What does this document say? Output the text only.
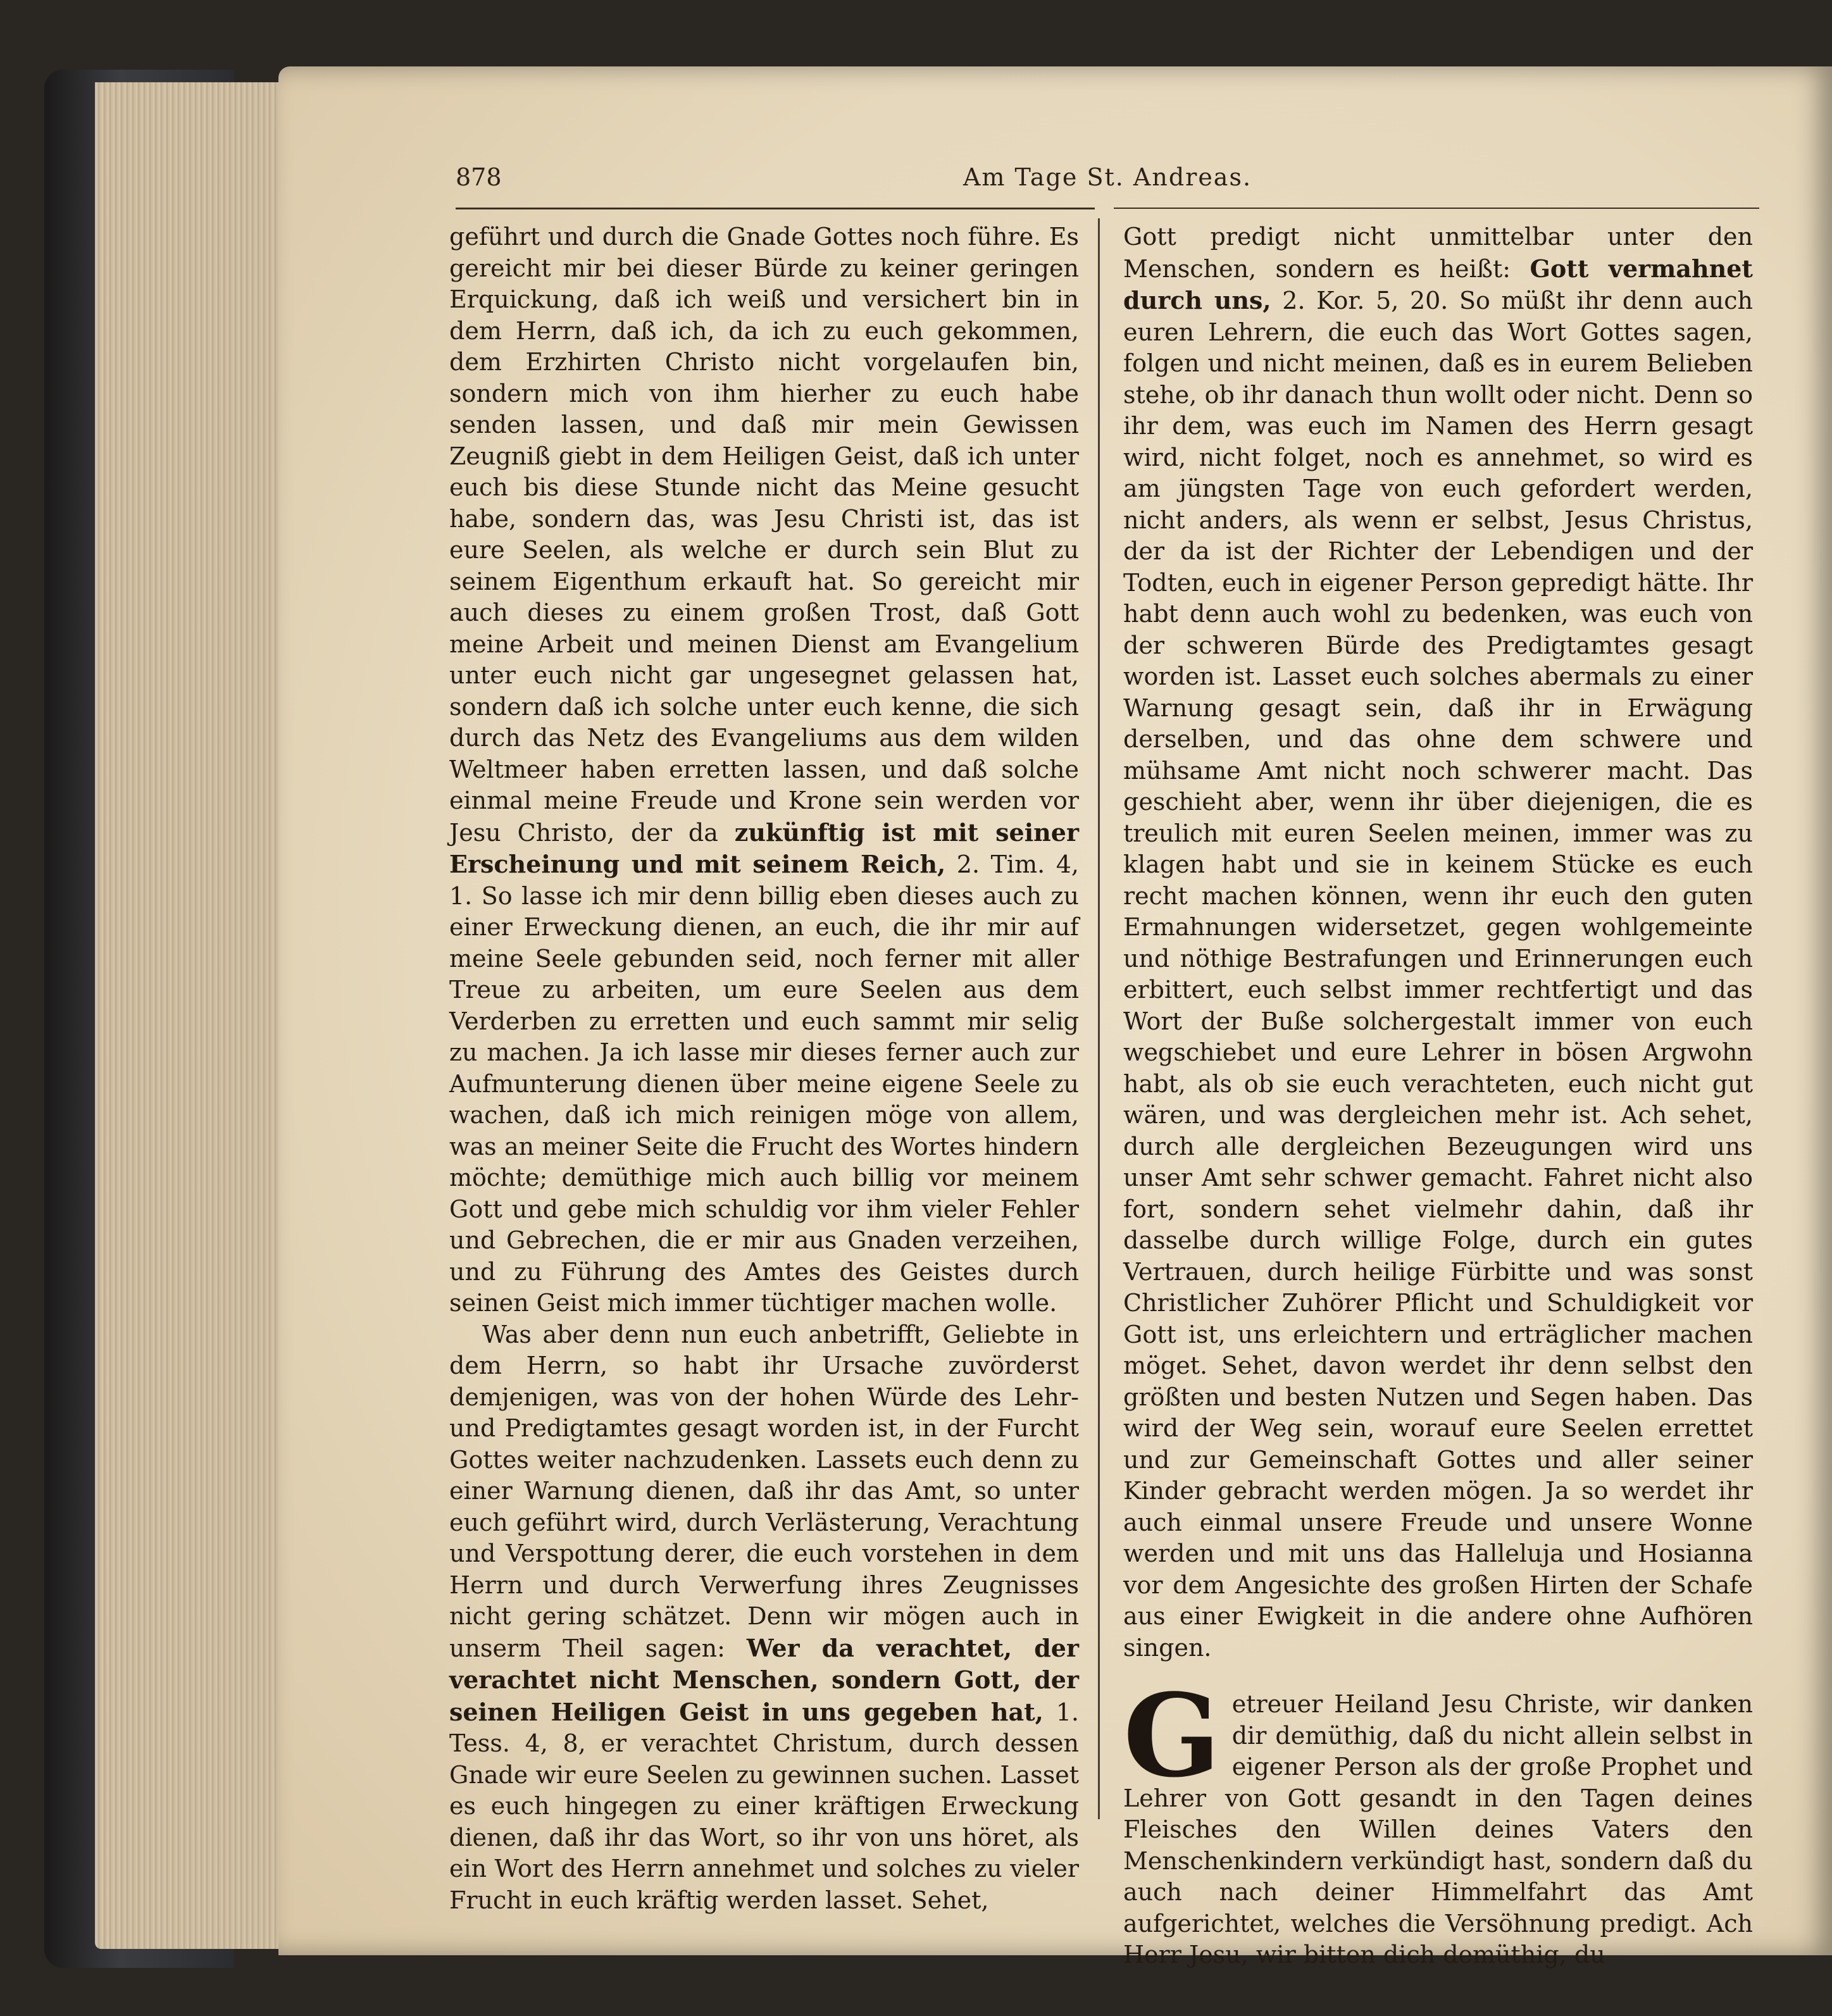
878	Am Tage St. Andreas.

geführt und durch die Gnade Gottes noch führe. Es gereicht mir bei dieser Bürde zu keiner geringen Erquickung, daß ich weiß und versichert bin in dem Herrn, daß ich, da ich zu euch gekommen, dem Erzhirten Christo nicht vorgelaufen bin, sondern mich von ihm hierher zu euch habe senden lassen, und daß mir mein Gewissen Zeugniß giebt in dem Heiligen Geist, daß ich unter euch bis diese Stunde nicht das Meine gesucht habe, sondern das, was Jesu Christi ist, das ist eure Seelen, als welche er durch sein Blut zu seinem Eigenthum erkauft hat. So gereicht mir auch dieses zu einem großen Trost, daß Gott meine Arbeit und meinen Dienst am Evangelium unter euch nicht gar ungesegnet gelassen hat, sondern daß ich solche unter euch kenne, die sich durch das Netz des Evangeliums aus dem wilden Weltmeer haben erretten lassen, und daß solche einmal meine Freude und Krone sein werden vor Jesu Christo, der da zukünftig ist mit seiner Erscheinung und mit seinem Reich, 2. Tim. 4, 1. So lasse ich mir denn billig eben dieses auch zu einer Erweckung dienen, an euch, die ihr mir auf meine Seele gebunden seid, noch ferner mit aller Treue zu arbeiten, um eure Seelen aus dem Verderben zu erretten und euch sammt mir selig zu machen. Ja ich lasse mir dieses ferner auch zur Aufmunterung dienen über meine eigene Seele zu wachen, daß ich mich reinigen möge von allem, was an meiner Seite die Frucht des Wortes hindern möchte; demüthige mich auch billig vor meinem Gott und gebe mich schuldig vor ihm vieler Fehler und Gebrechen, die er mir aus Gnaden verzeihen, und zu Führung des Amtes des Geistes durch seinen Geist mich immer tüchtiger machen wolle.

Was aber denn nun euch anbetrifft, Geliebte in dem Herrn, so habt ihr Ursache zuvörderst demjenigen, was von der hohen Würde des Lehr- und Predigtamtes gesagt worden ist, in der Furcht Gottes weiter nachzudenken. Lassets euch denn zu einer Warnung dienen, daß ihr das Amt, so unter euch geführt wird, durch Verlästerung, Verachtung und Verspottung derer, die euch vorstehen in dem Herrn und durch Verwerfung ihres Zeugnisses nicht gering schätzet. Denn wir mögen auch in unserm Theil sagen: Wer da verachtet, der verachtet nicht Menschen, sondern Gott, der seinen Heiligen Geist in uns gegeben hat, 1. Tess. 4, 8, er verachtet Christum, durch dessen Gnade wir eure Seelen zu gewinnen suchen. Lasset es euch hingegen zu einer kräftigen Erweckung dienen, daß ihr das Wort, so ihr von uns höret, als ein Wort des Herrn annehmet und solches zu vieler Frucht in euch kräftig werden lasset. Sehet,

Gott predigt nicht unmittelbar unter den Menschen, sondern es heißt: Gott vermahnet durch uns, 2. Kor. 5, 20. So müßt ihr denn auch euren Lehrern, die euch das Wort Gottes sagen, folgen und nicht meinen, daß es in eurem Belieben stehe, ob ihr danach thun wollt oder nicht. Denn so ihr dem, was euch im Namen des Herrn gesagt wird, nicht folget, noch es annehmet, so wird es am jüngsten Tage von euch gefordert werden, nicht anders, als wenn er selbst, Jesus Christus, der da ist der Richter der Lebendigen und der Todten, euch in eigener Person gepredigt hätte. Ihr habt denn auch wohl zu bedenken, was euch von der schweren Bürde des Predigtamtes gesagt worden ist. Lasset euch solches abermals zu einer Warnung gesagt sein, daß ihr in Erwägung derselben, und das ohne dem schwere und mühsame Amt nicht noch schwerer macht. Das geschieht aber, wenn ihr über diejenigen, die es treulich mit euren Seelen meinen, immer was zu klagen habt und sie in keinem Stücke es euch recht machen können, wenn ihr euch den guten Ermahnungen widersetzet, gegen wohlgemeinte und nöthige Bestrafungen und Erinnerungen euch erbittert, euch selbst immer rechtfertigt und das Wort der Buße solchergestalt immer von euch wegschiebet und eure Lehrer in bösen Argwohn habt, als ob sie euch verachteten, euch nicht gut wären, und was dergleichen mehr ist. Ach sehet, durch alle dergleichen Bezeugungen wird uns unser Amt sehr schwer gemacht. Fahret nicht also fort, sondern sehet vielmehr dahin, daß ihr dasselbe durch willige Folge, durch ein gutes Vertrauen, durch heilige Fürbitte und was sonst Christlicher Zuhörer Pflicht und Schuldigkeit vor Gott ist, uns erleichtern und erträglicher machen möget. Sehet, davon werdet ihr denn selbst den größten und besten Nutzen und Segen haben. Das wird der Weg sein, worauf eure Seelen errettet und zur Gemeinschaft Gottes und aller seiner Kinder gebracht werden mögen. Ja so werdet ihr auch einmal unsere Freude und unsere Wonne werden und mit uns das Halleluja und Hosianna vor dem Angesichte des großen Hirten der Schafe aus einer Ewigkeit in die andere ohne Aufhören singen.

Getreuer Heiland Jesu Christe, wir danken dir demüthig, daß du nicht allein selbst in eigener Person als der große Prophet und Lehrer von Gott gesandt in den Tagen deines Fleisches den Willen deines Vaters den Menschenkindern verkündigt hast, sondern daß du auch nach deiner Himmelfahrt das Amt aufgerichtet, welches die Versöhnung predigt. Ach Herr Jesu, wir bitten dich demüthig, du
